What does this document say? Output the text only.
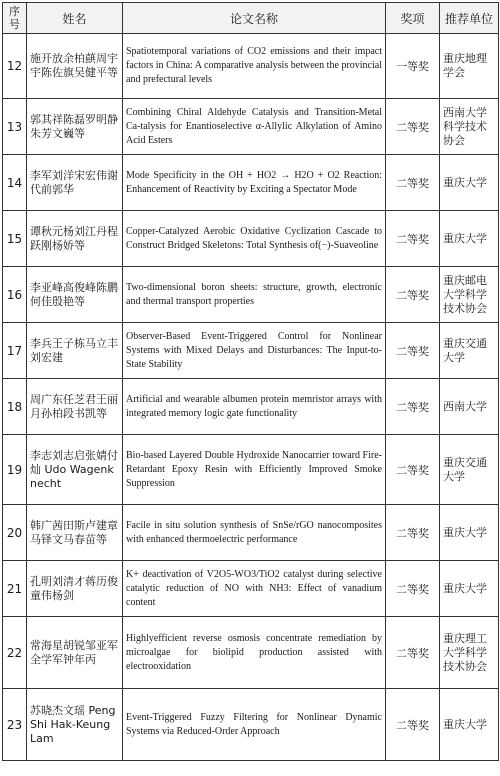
序号	姓名	论文名称	奖项	推荐单位
12	施开放余柏蕻周宇宇陈佐旗吴健平等	Spatiotemporal variations of CO2 emissions and their impact factors in China: A comparative analysis between the provincial and prefectural levels	一等奖	重庆地理学会
13	郭其祥陈磊罗明静朱芳文巍等	Combining Chiral Aldehyde Catalysis and Transition-Metal Ca-talysis for Enantioselective α-Allylic Alkylation of Amino Acid Esters	二等奖	西南大学科学技术协会
14	李军刘洋宋宏伟谢代前郭华	Mode Specificity in the OH + HO2 → H2O + O2 Reaction: Enhancement of Reactivity by Exciting a Spectator Mode	二等奖	重庆大学
15	谭秋元杨刘江丹程跃刚杨娇等	Copper-Catalyzed Aerobic Oxidative Cyclization Cascade to Construct Bridged Skeletons: Total Synthesis of(−)-Suaveoline	二等奖	重庆大学
16	李亚峰高俊峰陈鹏何佳殷艳等	Two-dimensional boron sheets: structure, growth, electronic and thermal transport properties	二等奖	重庆邮电大学科学技术协会
17	李兵王子栋马立丰刘宏建	Observer-Based Event-Triggered Control for Nonlinear Systems with Mixed Delays and Disturbances: The Input-to-State Stability	二等奖	重庆交通大学
18	周广东任芝君王丽月孙柏段书凯等	Artificial and wearable albumen protein memristor arrays with integrated memory logic gate functionality	二等奖	西南大学
19	李志刘志启张婧付灿 Udo Wagenknecht	Bio-based Layered Double Hydroxide Nanocarrier toward Fire-Retardant Epoxy Resin with Efficiently Improved Smoke Suppression	二等奖	重庆交通大学
20	韩广茜田斯卢建章马铎文马春苗等	Facile in situ solution synthesis of SnSe/rGO nanocomposites with enhanced thermoelectric performance	二等奖	重庆大学
21	孔明刘清才蒋历俊童伟杨剑	K+ deactivation of V2O5-WO3/TiO2 catalyst during selective catalytic reduction of NO with NH3: Effect of vanadium content	二等奖	重庆大学
22	常海星胡锐邹亚军全学军钟年丙	Highlyefficient reverse osmosis concentrate remediation by microalgae for biolipid production assisted with electrooxidation	二等奖	重庆理工大学科学技术协会
23	苏晓杰文瑶 Peng Shi Hak-Keung Lam	Event-Triggered Fuzzy Filtering for Nonlinear Dynamic Systems via Reduced-Order Approach	二等奖	重庆大学
